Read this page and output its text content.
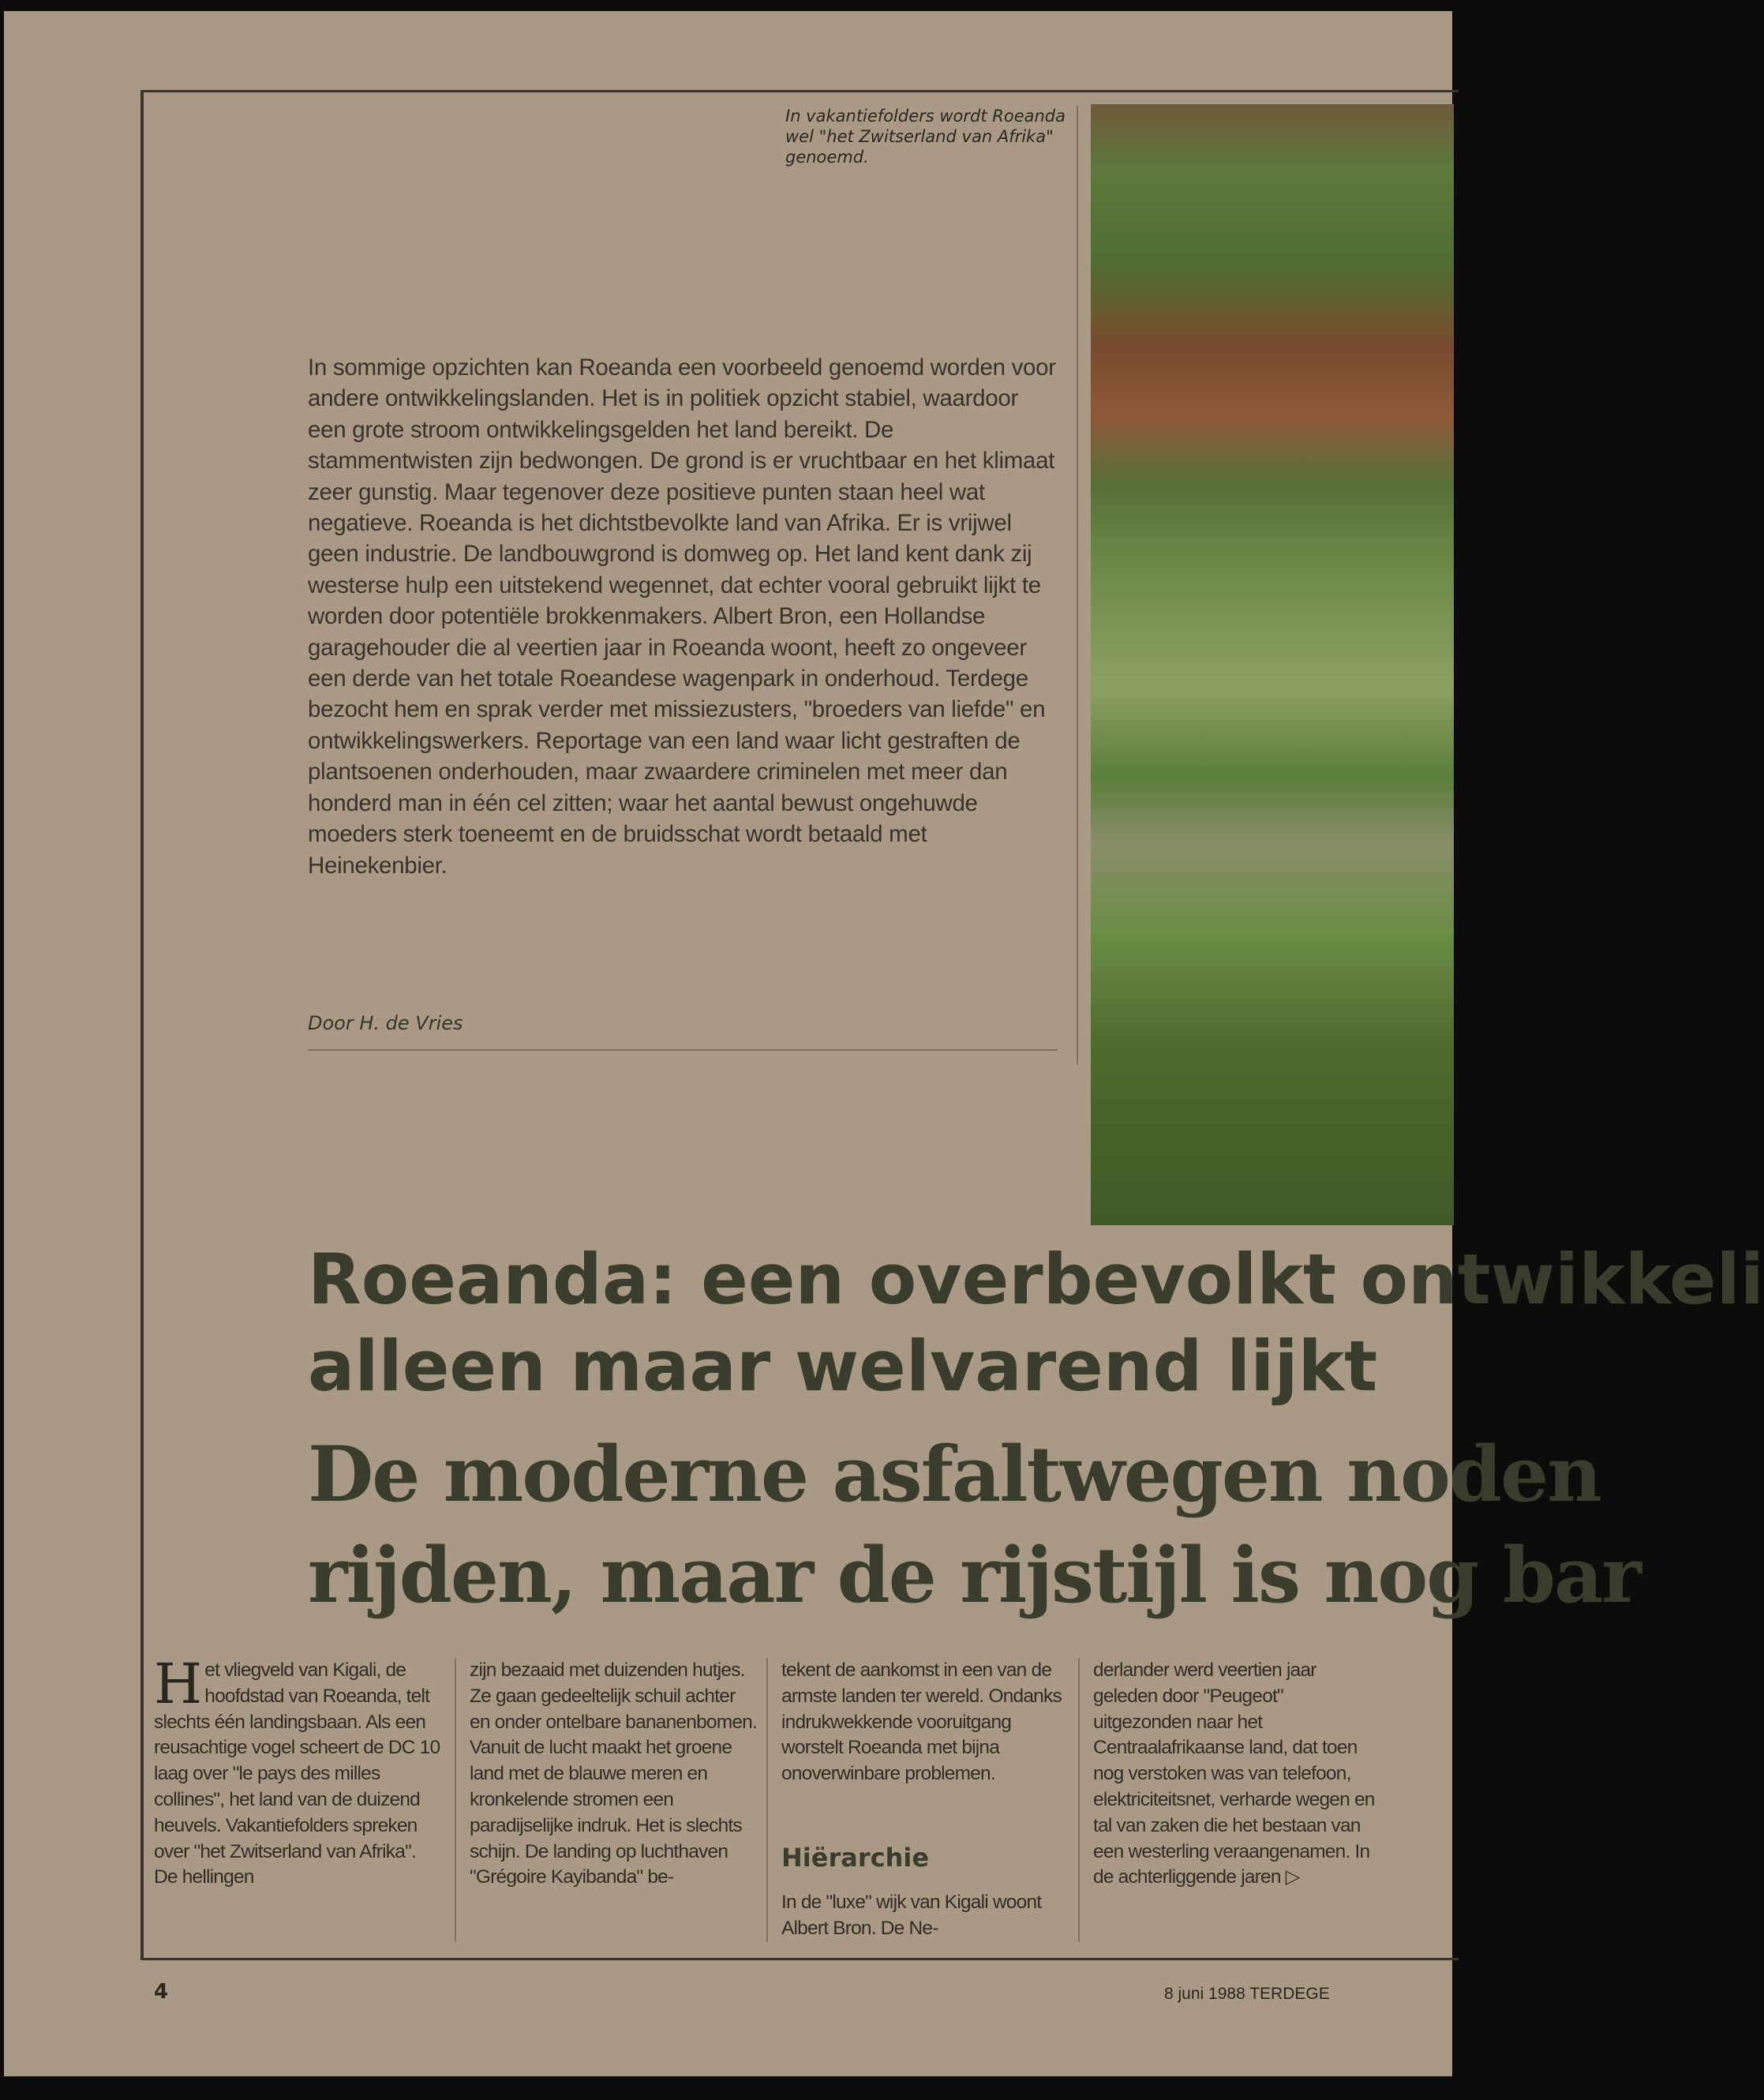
In vakantiefolders wordt Roeanda wel "het Zwitserland van Afrika" genoemd.

In sommige opzichten kan Roeanda een voorbeeld genoemd worden voor andere ontwikkelingslanden. Het is in politiek opzicht stabiel, waardoor een grote stroom ontwikkelingsgelden het land bereikt. De stammentwisten zijn bedwongen. De grond is er vruchtbaar en het klimaat zeer gunstig. Maar tegenover deze positieve punten staan heel wat negatieve. Roeanda is het dichtstbevolkte land van Afrika. Er is vrijwel geen industrie. De landbouwgrond is domweg op. Het land kent dank zij westerse hulp een uitstekend wegennet, dat echter vooral gebruikt lijkt te worden door potentiële brokkenmakers. Albert Bron, een Hollandse garagehouder die al veertien jaar in Roeanda woont, heeft zo ongeveer een derde van het totale Roeandese wagenpark in onderhoud. Terdege bezocht hem en sprak verder met missiezusters, "broeders van liefde" en ontwikkelingswerkers. Reportage van een land waar licht gestraften de plantsoenen onderhouden, maar zwaardere criminelen met meer dan honderd man in één cel zitten; waar het aantal bewust ongehuwde moeders sterk toeneemt en de bruidsschat wordt betaald met Heinekenbier.

Door H. de Vries
Roeanda: een overbevolkt ontwikkeli
alleen maar welvarend lijkt
De moderne asfaltwegen noden
rijden, maar de rijstijl is nog bar

Het vliegveld van Kigali, de hoofdstad van Roeanda, telt slechts één landingsbaan. Als een reusachtige vogel scheert de DC 10 laag over "le pays des milles collines", het land van de duizend heuvels. Vakantiefolders spreken over "het Zwitserland van Afrika". De hellingen

zijn bezaaid met duizenden hutjes. Ze gaan gedeeltelijk schuil achter en onder ontelbare bananenbomen. Vanuit de lucht maakt het groene land met de blauwe meren en kronkelende stromen een paradijselijke indruk. Het is slechts schijn. De landing op luchthaven "Grégoire Kayibanda" be-

tekent de aankomst in een van de armste landen ter wereld. Ondanks indrukwekkende vooruitgang worstelt Roeanda met bijna onoverwinbare problemen.

Hiërarchie

In de "luxe" wijk van Kigali woont Albert Bron. De Ne-

derlander werd veertien jaar geleden door "Peugeot" uitgezonden naar het Centraalafrikaanse land, dat toen nog verstoken was van telefoon, elektriciteitsnet, verharde wegen en tal van zaken die het bestaan van een westerling veraangenamen. In de achterliggende jaren ▷

4	8 juni 1988 TERDEGE
